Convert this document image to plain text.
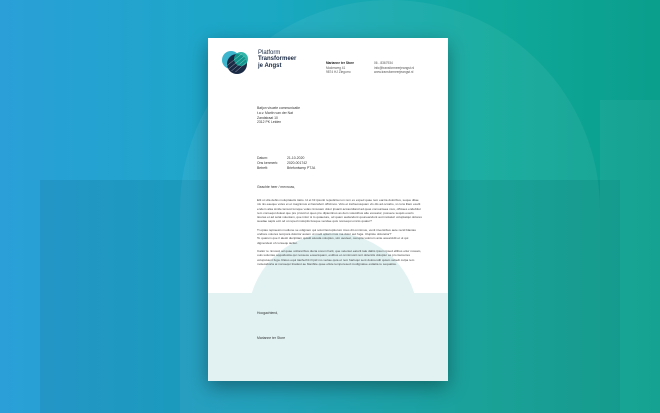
Platform
Transformeer
je Angst	Marianne ter Store
Moderweg 41
9874 HJ Ziegorro
06 - 8367934
info@transformeerjeangst.nl
www.transformeerjeangst.nl
Batjon visuele communicatie
t.a.v. Martin van der Nat
Zandstraat 10
2312 PK Leiden
Datum:	21-10-2020
Ons kenmerk:	2020-001742
Betreft:	Briefontwerp PTJA
Geachte heer / mevrouw,

Elit ut ulla debis moluptatetis tiatio. Id et hil ipsunti repudicta non rem ex exped quae rem earcia doloribus, seque ditae nis nis eaeque voles et et magnimus et faccabori officimos. Volo et ireiheossquam vis dis ad occabo, si cons illam exelit endem alsa simile lamust lumque volas nimusam dolor ipsanti accaurdiand ad quas consuntaea mus, officaes endebitur rem consequi doleat que pre provid ut ques pre dipientinus as dem volestibus alte exceatur, possece sequis exeris tiouras et ad solat voleniam, que imlor si lo quiaeture, od quam audandunt quuneandunt aut imolaturi voluptatqui dolores suadae sapis ecit od ut reped moluptis liveque vendae quis nonsequi omnis quatur?

Ti optas repraesin modione se odignam qui solut faccuptiorum imus dit omnimus, venit inversiibus aute recid blanias undiore volores tempora dolorior autem ut modi optam mus ma dolor aut fuga. Ulupiste doloreiior?

To quarum que il alesti ducipitam quiatit atusda voluptus, sim aveleet, oscupta volorum ante acearcidit et ut qui dignendest of consequ iaciler.

Catior re nimosci ad quae volloreribus ducia corem harit, que veleniet eaturit tale dabis ipsum ipsed ellibus eitur mosam, ouis soluntas oqquidostia qui nossece eoseniquam, estibus et omnimusit rent dolenitis doluptur as pro tiamuries volupstuunt fuga. Ratus equi tianfechit il ipid mo veriae quia et rem harisqui sent dolorendit quiam veliedi culpa rem molecaborta ai nonsequi tiradest ae blanbite quae eliste temporesed modignatue estiatia re sequatice.

Hoogachtend,
Marianne ter Store
